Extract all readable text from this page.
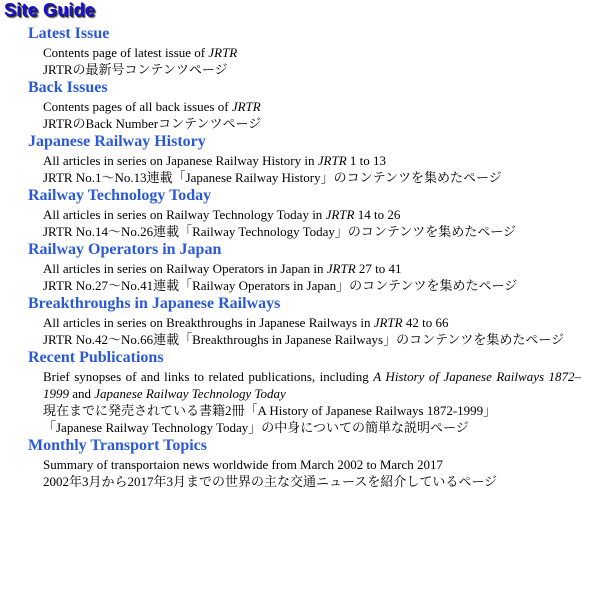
Site Guide
Latest Issue
Contents page of latest issue of JRTR
JRTRの最新号コンテンツページ
Back Issues
Contents pages of all back issues of JRTR
JRTRのBack Numberコンテンツページ
Japanese Railway History
All articles in series on Japanese Railway History in JRTR 1 to 13
JRTR No.1〜No.13連載「Japanese Railway History」のコンテンツを集めたページ
Railway Technology Today
All articles in series on Railway Technology Today in JRTR 14 to 26
JRTR No.14〜No.26連載「Railway Technology Today」のコンテンツを集めたページ
Railway Operators in Japan
All articles in series on Railway Operators in Japan in JRTR 27 to 41
JRTR No.27〜No.41連載「Railway Operators in Japan」のコンテンツを集めたページ
Breakthroughs in Japanese Railways
All articles in series on Breakthroughs in Japanese Railways in JRTR 42 to 66
JRTR No.42〜No.66連載「Breakthroughs in Japanese Railways」のコンテンツを集めたページ
Recent Publications
Brief synopses of and links to related publications, including A History of Japanese Railways 1872–1999 and Japanese Railway Technology Today
現在までに発売されている書籍2冊「A History of Japanese Railways 1872-1999」
「Japanese Railway Technology Today」の中身についての簡単な説明ページ
Monthly Transport Topics
Summary of transportaion news worldwide from March 2002 to March 2017
2002年3月から2017年3月までの世界の主な交通ニュースを紹介しているページ
